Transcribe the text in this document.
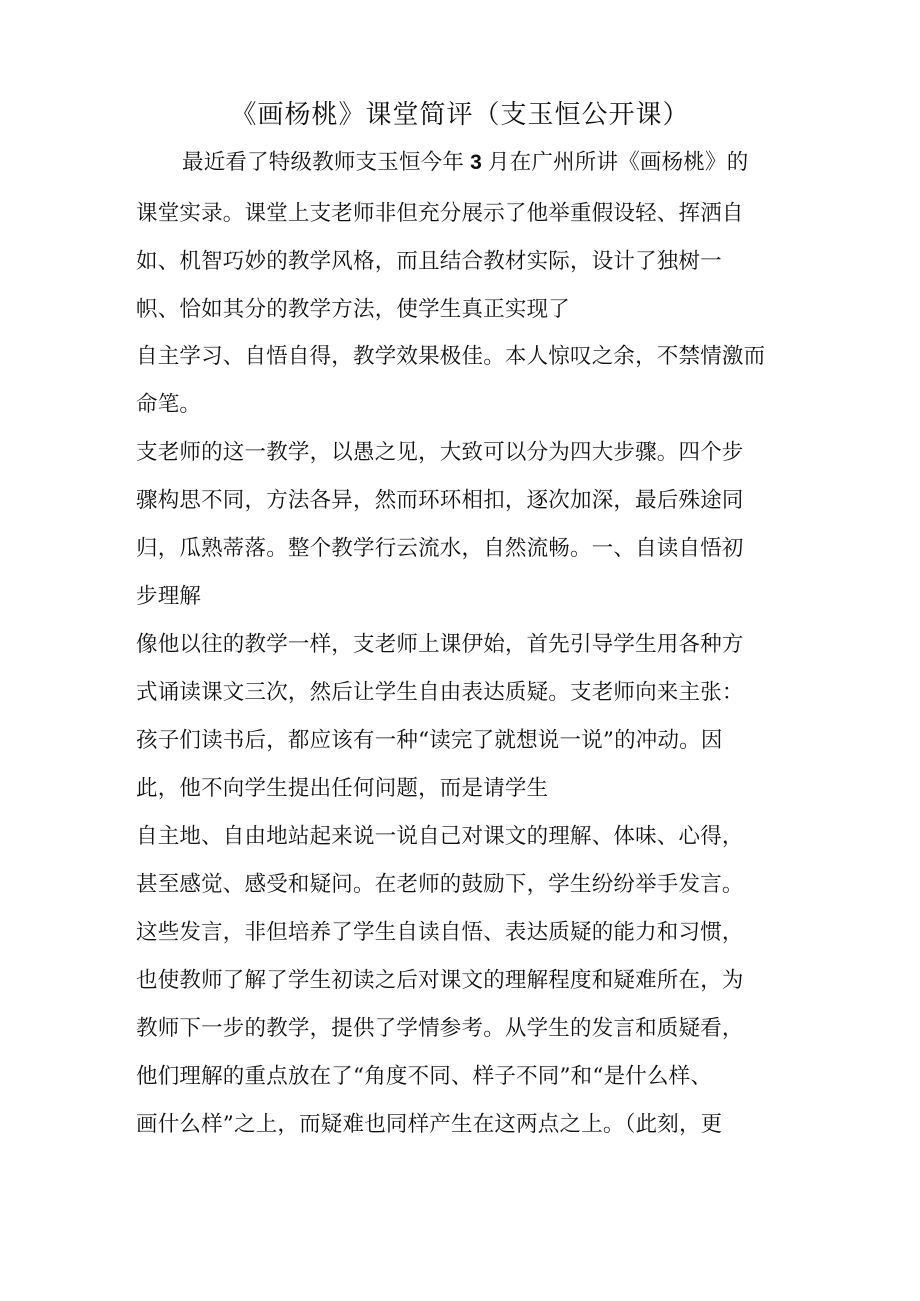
《画杨桃》课堂简评（支玉恒公开课）
最近看了特级教师支玉恒今年 3 月在广州所讲《画杨桃》的
课堂实录。课堂上支老师非但充分展示了他举重假设轻、挥洒自
如、机智巧妙的教学风格，而且结合教材实际，设计了独树一
帜、恰如其分的教学方法，使学生真正实现了
自主学习、自悟自得，教学效果极佳。本人惊叹之余，不禁情激而
命笔。
支老师的这一教学，以愚之见，大致可以分为四大步骤。四个步
骤构思不同，方法各异，然而环环相扣，逐次加深，最后殊途同
归，瓜熟蒂落。整个教学行云流水，自然流畅。一、自读自悟初
步理解
像他以往的教学一样，支老师上课伊始，首先引导学生用各种方
式诵读课文三次，然后让学生自由表达质疑。支老师向来主张：
孩子们读书后，都应该有一种“读完了就想说一说”的冲动。因
此，他不向学生提出任何问题，而是请学生
自主地、自由地站起来说一说自己对课文的理解、体味、心得，
甚至感觉、感受和疑问。在老师的鼓励下，学生纷纷举手发言。
这些发言，非但培养了学生自读自悟、表达质疑的能力和习惯，
也使教师了解了学生初读之后对课文的理解程度和疑难所在，为
教师下一步的教学，提供了学情参考。从学生的发言和质疑看，
他们理解的重点放在了“角度不同、样子不同”和“是什么样、
画什么样”之上，而疑难也同样产生在这两点之上。（此刻，更
